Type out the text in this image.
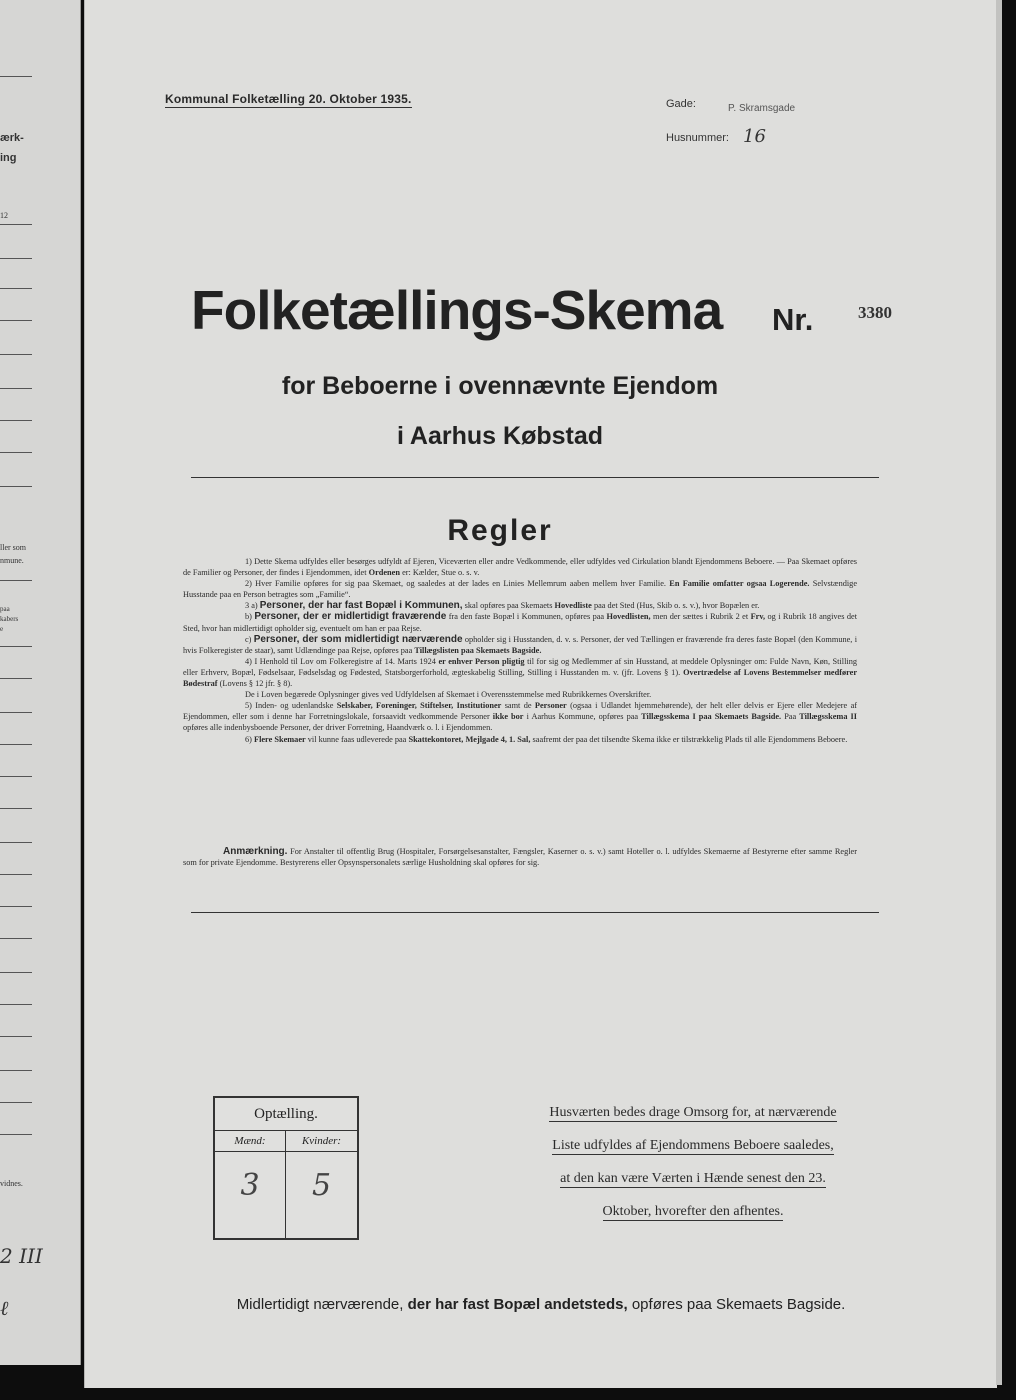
ærk-
ing
12
ller som
nmune.
paa
kabers
e
vidnes.
2 III
ℓ
Kommunal Folketælling 20. Oktober 1935.	Gade:	P. Skramsgade
Husnummer: 16
Folketællings-Skema Nr.	3380
for Beboerne i ovennævnte Ejendom
i Aarhus Købstad
Regler

1) Dette Skema udfyldes eller besørges udfyldt af Ejeren, Viceværten eller andre Vedkommende, eller udfyldes ved Cirkulation blandt Ejendommens Beboere. — Paa Skemaet opføres de Familier og Personer, der findes i Ejendommen, idet Ordenen er: Kælder, Stue o. s. v.

2) Hver Familie opføres for sig paa Skemaet, og saaledes at der lades en Linies Mellemrum aaben mellem hver Familie. En Familie omfatter ogsaa Logerende. Selvstændige Husstande paa en Person betragtes som „Familie“.

3 a) Personer, der har fast Bopæl i Kommunen, skal opføres paa Skemaets Hovedliste paa det Sted (Hus, Skib o. s. v.), hvor Bopælen er.

b) Personer, der er midlertidigt fraværende fra den faste Bopæl i Kommunen, opføres paa Hovedlisten, men der sættes i Rubrik 2 et Frv, og i Rubrik 18 angives det Sted, hvor han midlertidigt opholder sig, eventuelt om han er paa Rejse.

c) Personer, der som midlertidigt nærværende opholder sig i Husstanden, d. v. s. Personer, der ved Tællingen er fraværende fra deres faste Bopæl (den Kommune, i hvis Folkeregister de staar), samt Udlændinge paa Rejse, opføres paa Tillægslisten paa Skemaets Bagside.

4) I Henhold til Lov om Folkeregistre af 14. Marts 1924 er enhver Person pligtig til for sig og Medlemmer af sin Husstand, at meddele Oplysninger om: Fulde Navn, Køn, Stilling eller Erhverv, Bopæl, Fødselsaar, Fødselsdag og Fødested, Statsborgerforhold, ægteskabelig Stilling, Stilling i Husstanden m. v. (jfr. Lovens § 1). Overtrædelse af Lovens Bestemmelser medfører Bødestraf (Lovens § 12 jfr. § 8).

De i Loven begærede Oplysninger gives ved Udfyldelsen af Skemaet i Overensstemmelse med Rubrikkernes Overskrifter.

5) Inden- og udenlandske Selskaber, Foreninger, Stiftelser, Institutioner samt de Personer (ogsaa i Udlandet hjemmehørende), der helt eller delvis er Ejere eller Medejere af Ejendommen, eller som i denne har Forretningslokale, forsaavidt vedkommende Personer ikke bor i Aarhus Kommune, opføres paa Tillægsskema I paa Skemaets Bagside. Paa Tillægsskema II opføres alle indenbysboende Personer, der driver Forretning, Haandværk o. l. i Ejendommen.

6) Flere Skemaer vil kunne faas udleverede paa Skattekontoret, Mejlgade 4, 1. Sal, saafremt der paa det tilsendte Skema ikke er tilstrækkelig Plads til alle Ejendommens Beboere.

Anmærkning. For Anstalter til offentlig Brug (Hospitaler, Forsørgelsesanstalter, Fængsler, Kaserner o. s. v.) samt Hoteller o. l. udfyldes Skemaerne af Bestyrerne efter samme Regler som for private Ejendomme. Bestyrerens eller Opsynspersonalets særlige Husholdning skal opføres for sig.

Optælling.
Mænd:	Kvinder:
3	5
Husværten bedes drage Omsorg for, at nærværende
Liste udfyldes af Ejendommens Beboere saaledes,
at den kan være Værten i Hænde senest den 23.
Oktober, hvorefter den afhentes.
Midlertidigt nærværende, der har fast Bopæl andetsteds, opføres paa Skemaets Bagside.
